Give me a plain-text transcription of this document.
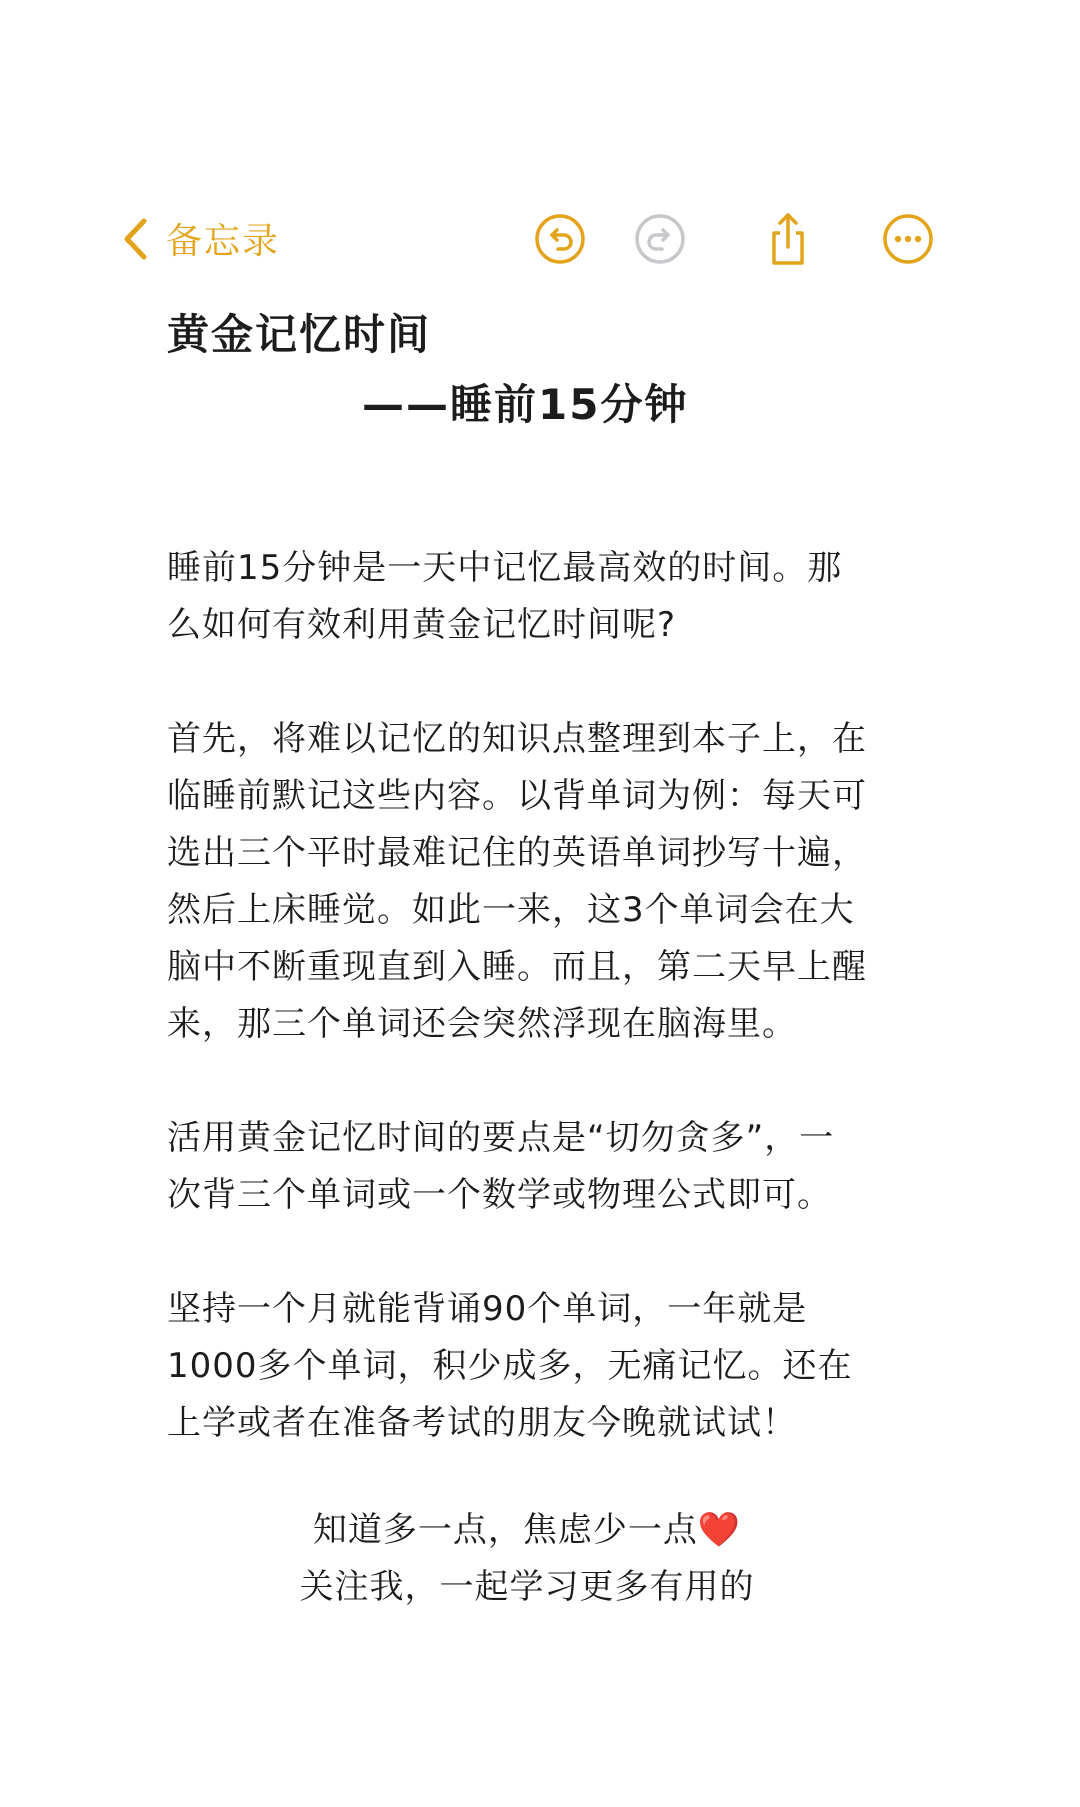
备忘录
黄金记忆时间
——睡前15分钟
睡前15分钟是一天中记忆最高效的时间。那
么如何有效利用黄金记忆时间呢?
首先，将难以记忆的知识点整理到本子上，在
临睡前默记这些内容。以背单词为例：每天可
选出三个平时最难记住的英语单词抄写十遍，
然后上床睡觉。如此一来，这3个单词会在大
脑中不断重现直到入睡。而且，第二天早上醒
来，那三个单词还会突然浮现在脑海里。
活用黄金记忆时间的要点是“切勿贪多”，一
次背三个单词或一个数学或物理公式即可。
坚持一个月就能背诵90个单词，一年就是
1000多个单词，积少成多，无痛记忆。还在
上学或者在准备考试的朋友今晚就试试！
知道多一点，焦虑少一点❤️
关注我，一起学习更多有用的
